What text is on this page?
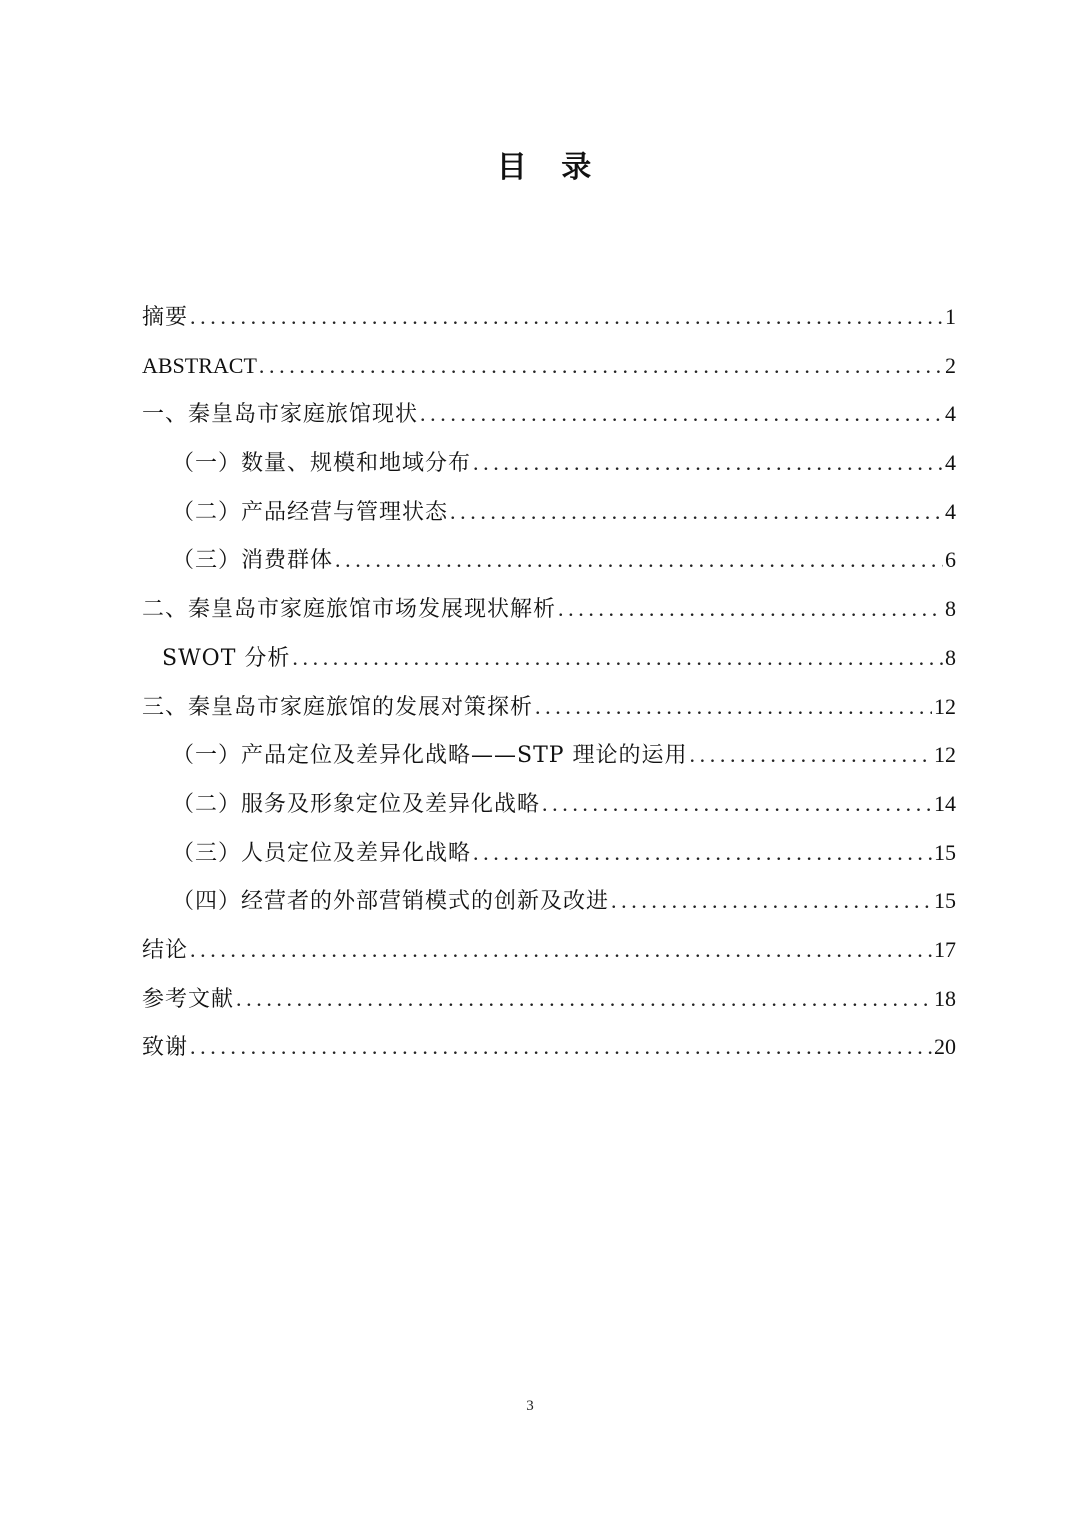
目 录
摘要 .....	1
ABSTRACT .....	2
一、秦皇岛市家庭旅馆现状 .....	4
（一）数量、规模和地域分布 .....	4
（二）产品经营与管理状态 .....	4
（三）消费群体 .....	6
二、秦皇岛市家庭旅馆市场发展现状解析 .....	8
SWOT 分析 .....	8
三、秦皇岛市家庭旅馆的发展对策探析 .....	12
（一）产品定位及差异化战略——STP 理论的运用 .....	12
（二）服务及形象定位及差异化战略 .....	14
（三）人员定位及差异化战略 .....	15
（四）经营者的外部营销模式的创新及改进 .....	15
结论 .....	17
参考文献 .....	18
致谢 .....	20
3
